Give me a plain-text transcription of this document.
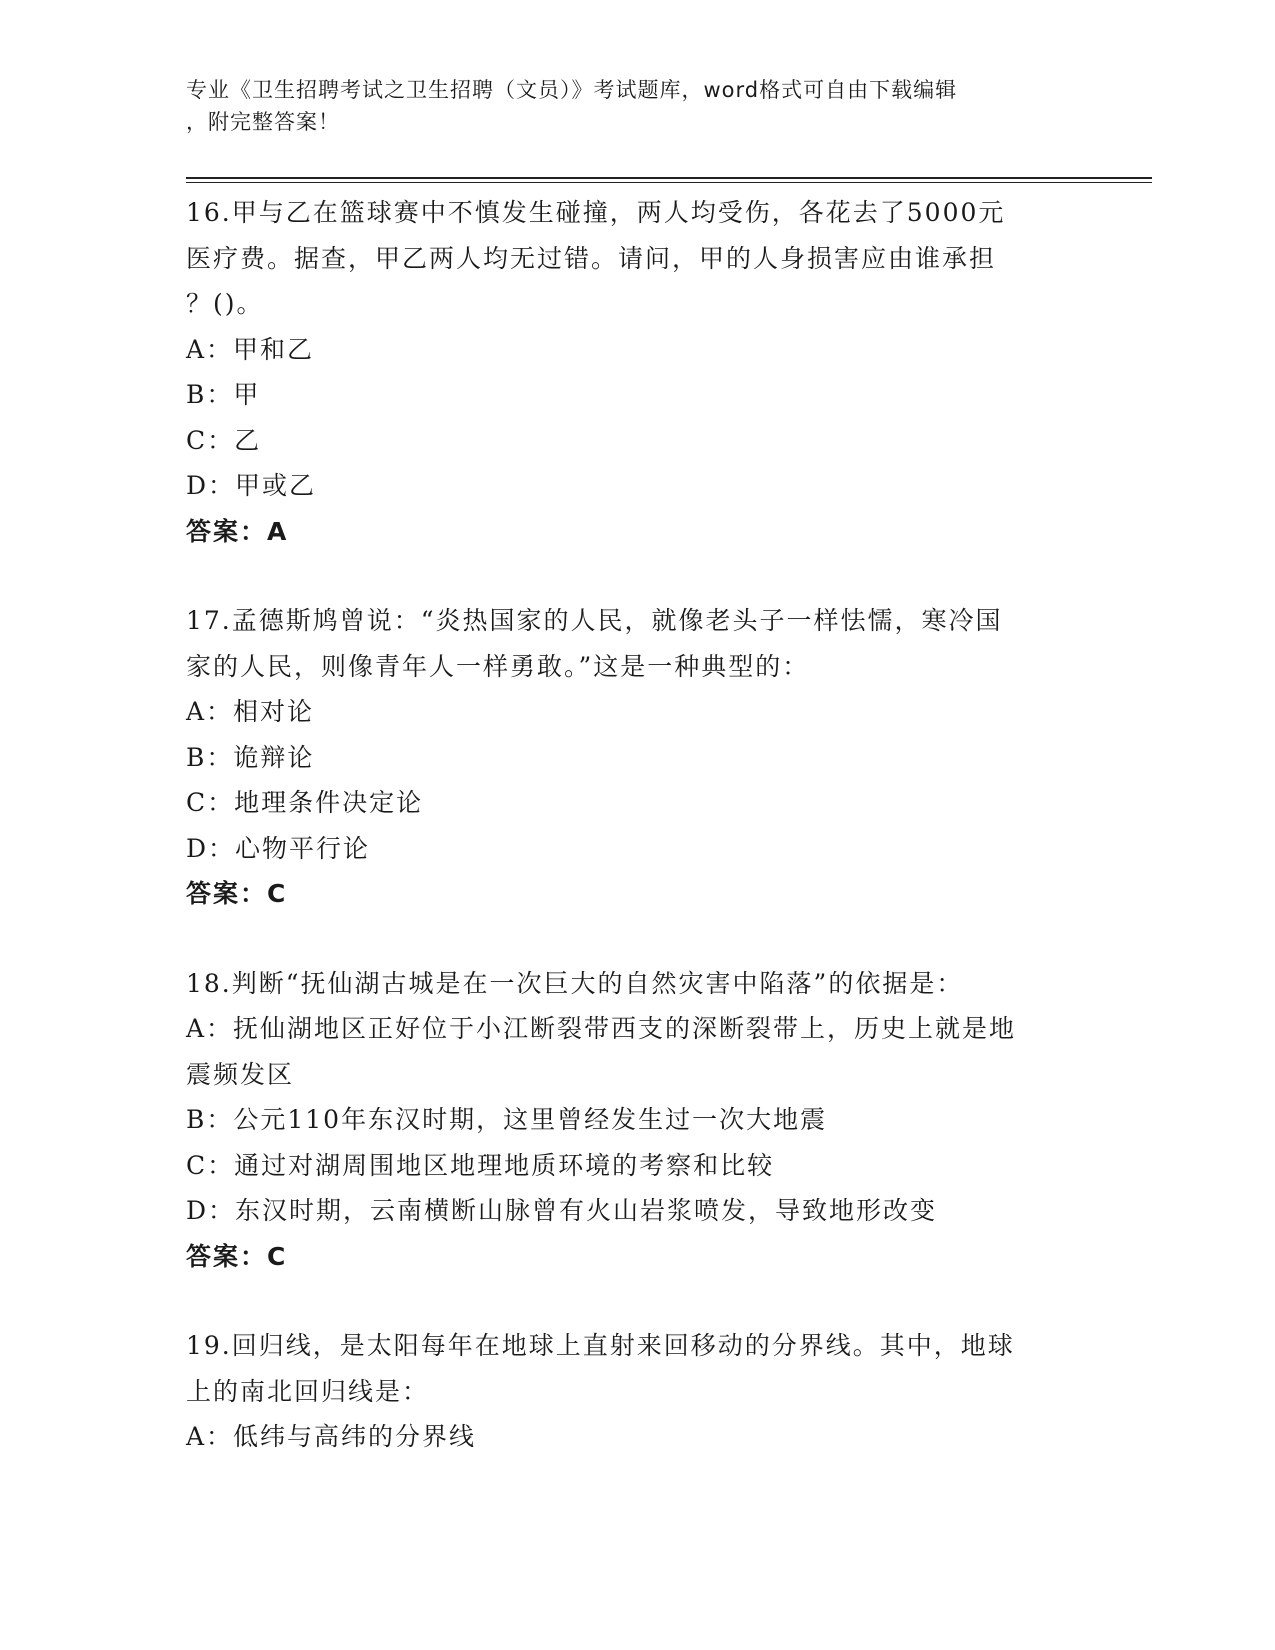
专业《卫生招聘考试之卫生招聘（文员）》考试题库，word格式可自由下载编辑
，附完整答案！
16.甲与乙在篮球赛中不慎发生碰撞，两人均受伤，各花去了5000元
医疗费。据查，甲乙两人均无过错。请问，甲的人身损害应由谁承担
？()。
A：甲和乙
B：甲
C：乙
D：甲或乙
答案：A
17.孟德斯鸠曾说：“炎热国家的人民，就像老头子一样怯懦，寒冷国
家的人民，则像青年人一样勇敢。”这是一种典型的：
A：相对论
B：诡辩论
C：地理条件决定论
D：心物平行论
答案：C
18.判断“抚仙湖古城是在一次巨大的自然灾害中陷落”的依据是：
A：抚仙湖地区正好位于小江断裂带西支的深断裂带上，历史上就是地
震频发区
B：公元110年东汉时期，这里曾经发生过一次大地震
C：通过对湖周围地区地理地质环境的考察和比较
D：东汉时期，云南横断山脉曾有火山岩浆喷发，导致地形改变
答案：C
19.回归线，是太阳每年在地球上直射来回移动的分界线。其中，地球
上的南北回归线是：
A：低纬与高纬的分界线
